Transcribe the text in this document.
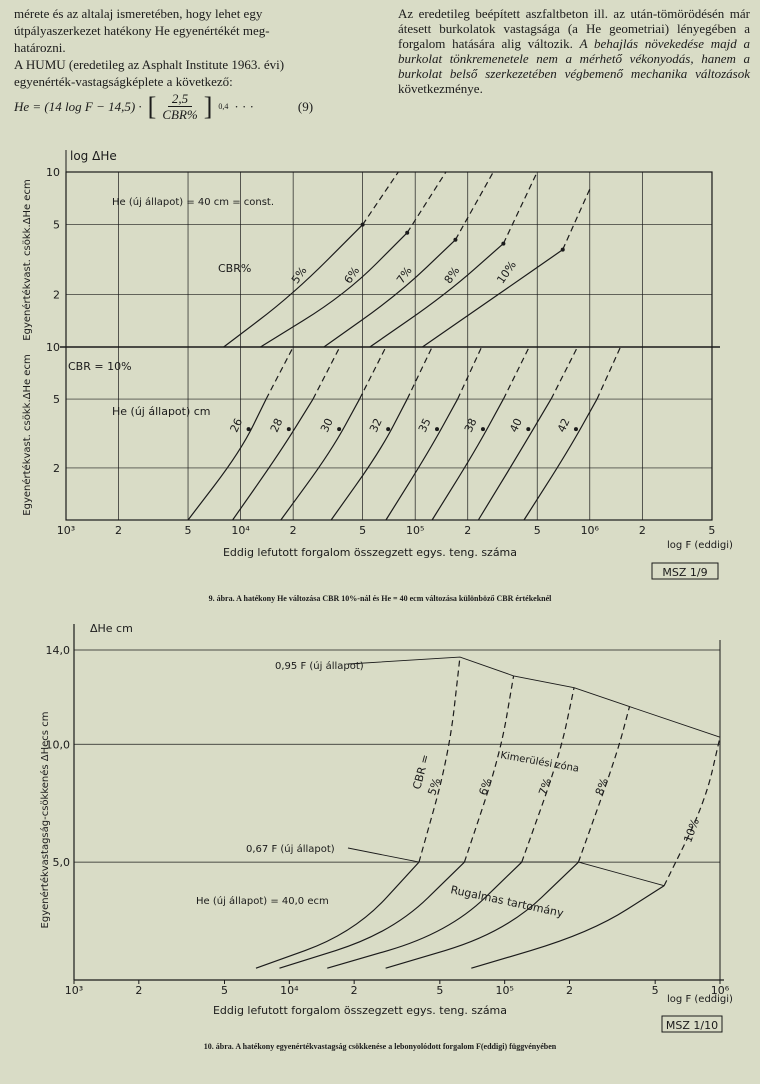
mérete és az altalaj ismeretében, hogy lehet egy

útpályaszerkezet hatékony He egyenértékét meg-

határozni.

A HUMU (eredetileg az Asphalt Institute 1963. évi)

egyenérték-vastagságképlete a következő:

He = (14 log F − 14,5) · [ $\frac{2,5}{\text{CBR\%}}$ ] 0,4 · · ·	(9)
Az eredetileg beépített aszfaltbeton ill. az után-tömörödésén már átesett burkolatok vastagsága (a He geometriai) lényegében a forgalom hatására alig változik. A behajlás növekedése majd a burkolat tönkremenetele nem a mérhető vékonyodás, hanem a burkolat belső szerkezetében végbemenő mechanika változások következménye.
10³	2	5	10⁴	2	5	10⁵	2	5	10⁶	2	5
10
10
5
5
2
2
log ΔHe
Egyenértékvast. csökk.ΔHe ecm
Egyenértékvast. csökk.ΔHe ecm
Eddig lefutott forgalom összegzett egys. teng. száma
log F (eddigi)
MSZ 1/9
He (új állapot) = 40 cm = const.
CBR%	5%	6%	7% 8%	10%
CBR = 10%
He (új állapot) cm
26 28	30	32	35	38	40	42
ΔHe cm
Egyenértékvastagság-csökkenés ΔHecs cm
14,0
10,0
5,0
10³	2	5	10⁴	2	5	10⁵	2	5	10⁶
Eddig lefutott forgalom összegzett egys. teng. száma
log F (eddigi)
MSZ 1/10
0,95 F (új állapot)
0,67 F (új állapot)
He (új állapot) = 40,0 ecm
Kimerülési zóna
Rugalmas tartomány
CBR =
5%	6%	7%	8%
10%
9. ábra. A hatékony He változása CBR 10%-nál és He = 40 ecm változása különböző CBR értékeknél
10. ábra. A hatékony egyenértékvastagság csökkenése a lebonyolódott forgalom F(eddigi) függvényében
